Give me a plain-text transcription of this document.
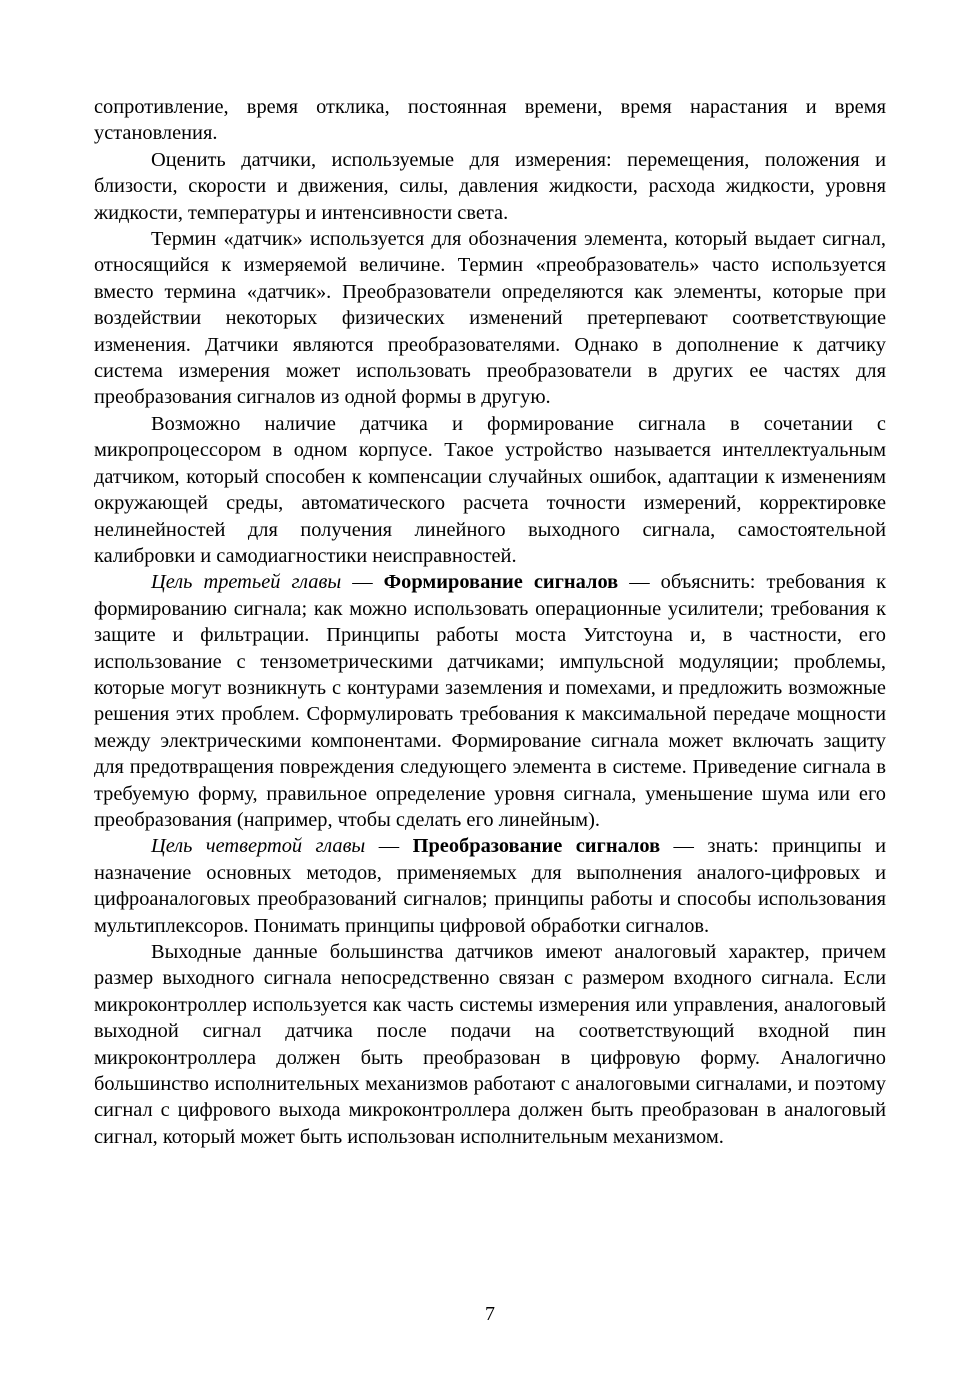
сопротивление, время отклика, постоянная времени, время нарастания и время установления.

Оценить датчики, используемые для измерения: перемещения, положения и близости, скорости и движения, силы, давления жидкости, расхода жидкости, уровня жидкости, температуры и интенсивности света.

Термин «датчик» используется для обозначения элемента, который выдает сигнал, относящийся к измеряемой величине. Термин «преобразователь» часто используется вместо термина «датчик». Преобразователи определяются как элементы, которые при воздействии некоторых физических изменений претерпевают соответствующие изменения. Датчики являются преобразователями. Однако в дополнение к датчику система измерения может использовать преобразователи в других ее частях для преобразования сигналов из одной формы в другую.

Возможно наличие датчика и формирование сигнала в сочетании с микропроцессором в одном корпусе. Такое устройство называется интеллектуальным датчиком, который способен к компенсации случайных ошибок, адаптации к изменениям окружающей среды, автоматического расчета точности измерений, корректировке нелинейностей для получения линейного выходного сигнала, самостоятельной калибровки и самодиагностики неисправностей.

Цель третьей главы — Формирование сигналов — объяснить: требования к формированию сигнала; как можно использовать операционные усилители; требования к защите и фильтрации. Принципы работы моста Уитстоуна и, в частности, его использование с тензометрическими датчиками; импульсной модуляции; проблемы, которые могут возникнуть с контурами заземления и помехами, и предложить возможные решения этих проблем. Сформулировать требования к максимальной передаче мощности между электрическими компонентами. Формирование сигнала может включать защиту для предотвращения повреждения следующего элемента в системе. Приведение сигнала в требуемую форму, правильное определение уровня сигнала, уменьшение шума или его преобразования (например, чтобы сделать его линейным).

Цель четвертой главы — Преобразование сигналов — знать: принципы и назначение основных методов, применяемых для выполнения аналого-цифровых и цифроаналоговых преобразований сигналов; принципы работы и способы использования мультиплексоров. Понимать принципы цифровой обработки сигналов.

Выходные данные большинства датчиков имеют аналоговый характер, причем размер выходного сигнала непосредственно связан с размером входного сигнала. Если микроконтроллер используется как часть системы измерения или управления, аналоговый выходной сигнал датчика после подачи на соответствующий входной пин микроконтроллера должен быть преобразован в цифровую форму. Аналогично большинство исполнительных механизмов работают с аналоговыми сигналами, и поэтому сигнал с цифрового выхода микроконтроллера должен быть преобразован в аналоговый сигнал, который может быть использован исполнительным механизмом.

7
